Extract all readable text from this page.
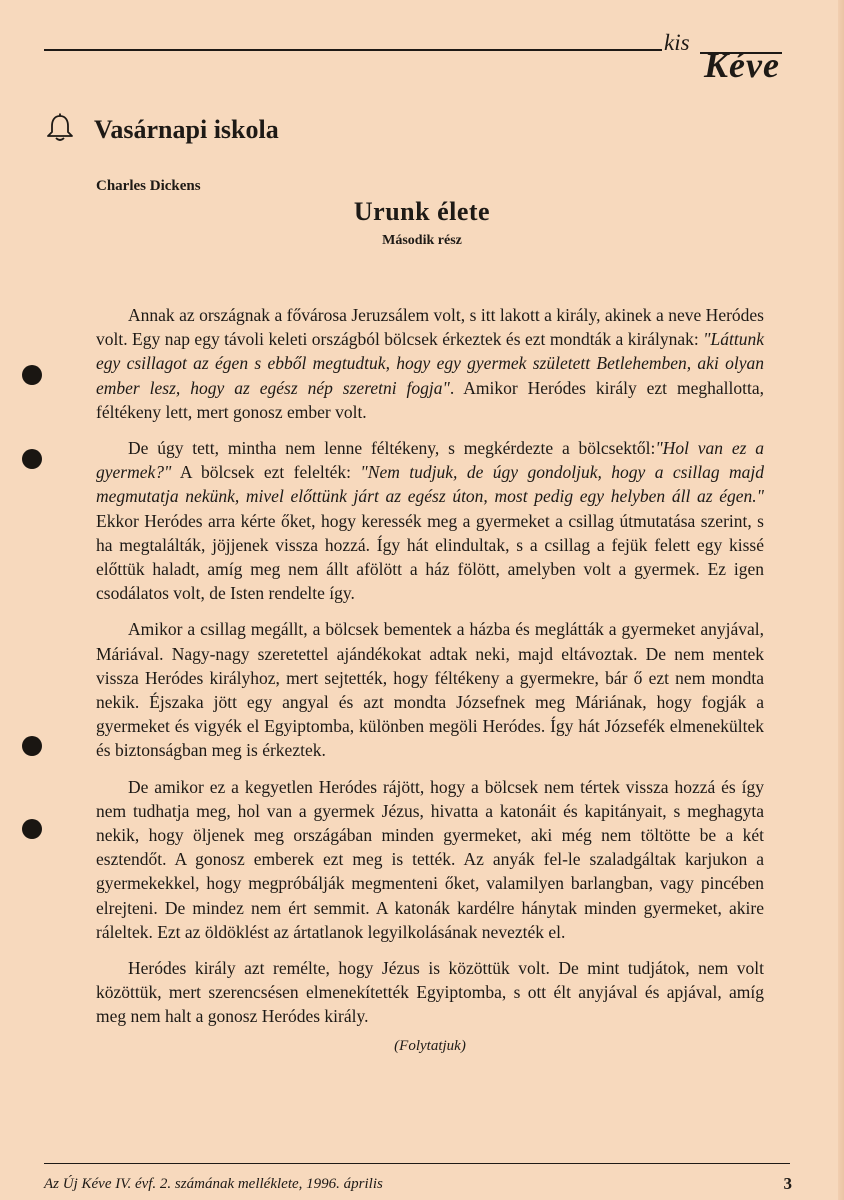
kis
Kéve
Vasárnapi iskola
Charles Dickens
Urunk élete
Második rész

Annak az országnak a fővárosa Jeruzsálem volt, s itt lakott a király, akinek a neve Heródes volt. Egy nap egy távoli keleti országból bölcsek érkeztek és ezt mondták a királynak: "Láttunk egy csillagot az égen s ebből megtudtuk, hogy egy gyermek született Betlehemben, aki olyan ember lesz, hogy az egész nép szeretni fogja". Amikor Heródes király ezt meghallotta, féltékeny lett, mert gonosz ember volt.

De úgy tett, mintha nem lenne féltékeny, s megkérdezte a bölcsektől:"Hol van ez a gyermek?" A bölcsek ezt felelték: "Nem tudjuk, de úgy gondoljuk, hogy a csillag majd megmutatja nekünk, mivel előttünk járt az egész úton, most pedig egy helyben áll az égen." Ekkor Heródes arra kérte őket, hogy keressék meg a gyermeket a csillag útmutatása szerint, s ha megtalálták, jöjjenek vissza hozzá. Így hát elindultak, s a csillag a fejük felett egy kissé előttük haladt, amíg meg nem állt afölött a ház fölött, amelyben volt a gyermek. Ez igen csodálatos volt, de Isten rendelte így.

Amikor a csillag megállt, a bölcsek bementek a házba és meglátták a gyermeket anyjával, Máriával. Nagy-nagy szeretettel ajándékokat adtak neki, majd eltávoztak. De nem mentek vissza Heródes királyhoz, mert sejtették, hogy féltékeny a gyermekre, bár ő ezt nem mondta nekik. Éjszaka jött egy angyal és azt mondta Józsefnek meg Máriának, hogy fogják a gyermeket és vigyék el Egyiptomba, különben megöli Heródes. Így hát Józsefék elmenekültek és biztonságban meg is érkeztek.

De amikor ez a kegyetlen Heródes rájött, hogy a bölcsek nem tértek vissza hozzá és így nem tudhatja meg, hol van a gyermek Jézus, hivatta a katonáit és kapitányait, s meghagyta nekik, hogy öljenek meg országában minden gyermeket, aki még nem töltötte be a két esztendőt. A gonosz emberek ezt meg is tették. Az anyák fel-le szaladgáltak karjukon a gyermekekkel, hogy megpróbálják megmenteni őket, valamilyen barlangban, vagy pincében elrejteni. De mindez nem ért semmit. A katonák kardélre hánytak minden gyermeket, akire ráleltek. Ezt az öldöklést az ártatlanok legyilkolásának nevezték el.

Heródes király azt remélte, hogy Jézus is közöttük volt. De mint tudjátok, nem volt közöttük, mert szerencsésen elmenekítették Egyiptomba, s ott élt anyjával és apjával, amíg meg nem halt a gonosz Heródes király.

(Folytatjuk)
Az Új Kéve IV. évf. 2. számának melléklete, 1996. április	3
